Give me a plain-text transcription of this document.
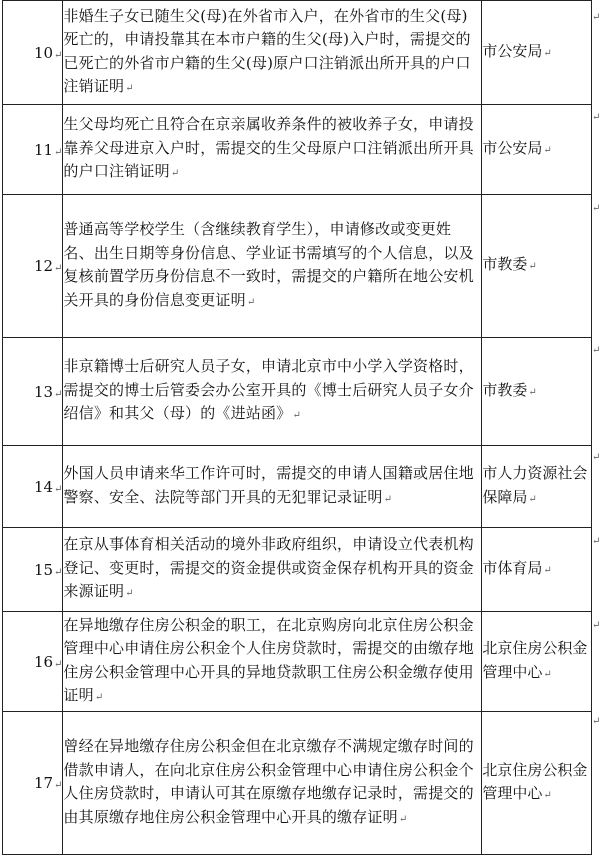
10↵	非婚生子女已随生父(母)在外省市入户，在外省市的生父(母)死亡的，申请投靠其在本市户籍的生父(母)入户时，需提交的已死亡的外省市户籍的生父(母)原户口注销派出所开具的户口注销证明↵	市公安局↵
11↵	生父母均死亡且符合在京亲属收养条件的被收养子女，申请投靠养父母进京入户时，需提交的生父母原户口注销派出所开具的户口注销证明↵	市公安局↵
12↵	普通高等学校学生（含继续教育学生），申请修改或变更姓名、出生日期等身份信息、学业证书需填写的个人信息，以及复核前置学历身份信息不一致时，需提交的户籍所在地公安机关开具的身份信息变更证明↵	市教委↵
13↵	非京籍博士后研究人员子女，申请北京市中小学入学资格时，需提交的博士后管委会办公室开具的《博士后研究人员子女介绍信》和其父（母）的《进站函》↵	市教委↵
14↵	外国人员申请来华工作许可时，需提交的申请人国籍或居住地警察、安全、法院等部门开具的无犯罪记录证明↵	市人力资源社会保障局↵
15↵	在京从事体育相关活动的境外非政府组织，申请设立代表机构登记、变更时，需提交的资金提供或资金保存机构开具的资金来源证明↵	市体育局↵
16↵	在异地缴存住房公积金的职工，在北京购房向北京住房公积金管理中心申请住房公积金个人住房贷款时，需提交的由缴存地住房公积金管理中心开具的异地贷款职工住房公积金缴存使用证明↵	北京住房公积金管理中心↵
17↵	曾经在异地缴存住房公积金但在北京缴存不满规定缴存时间的借款申请人，在向北京住房公积金管理中心申请住房公积金个人住房贷款时，申请认可其在原缴存地缴存记录时，需提交的由其原缴存地住房公积金管理中心开具的缴存证明↵	北京住房公积金管理中心↵
↵
↵
↵
↵
↵
↵
↵
↵
